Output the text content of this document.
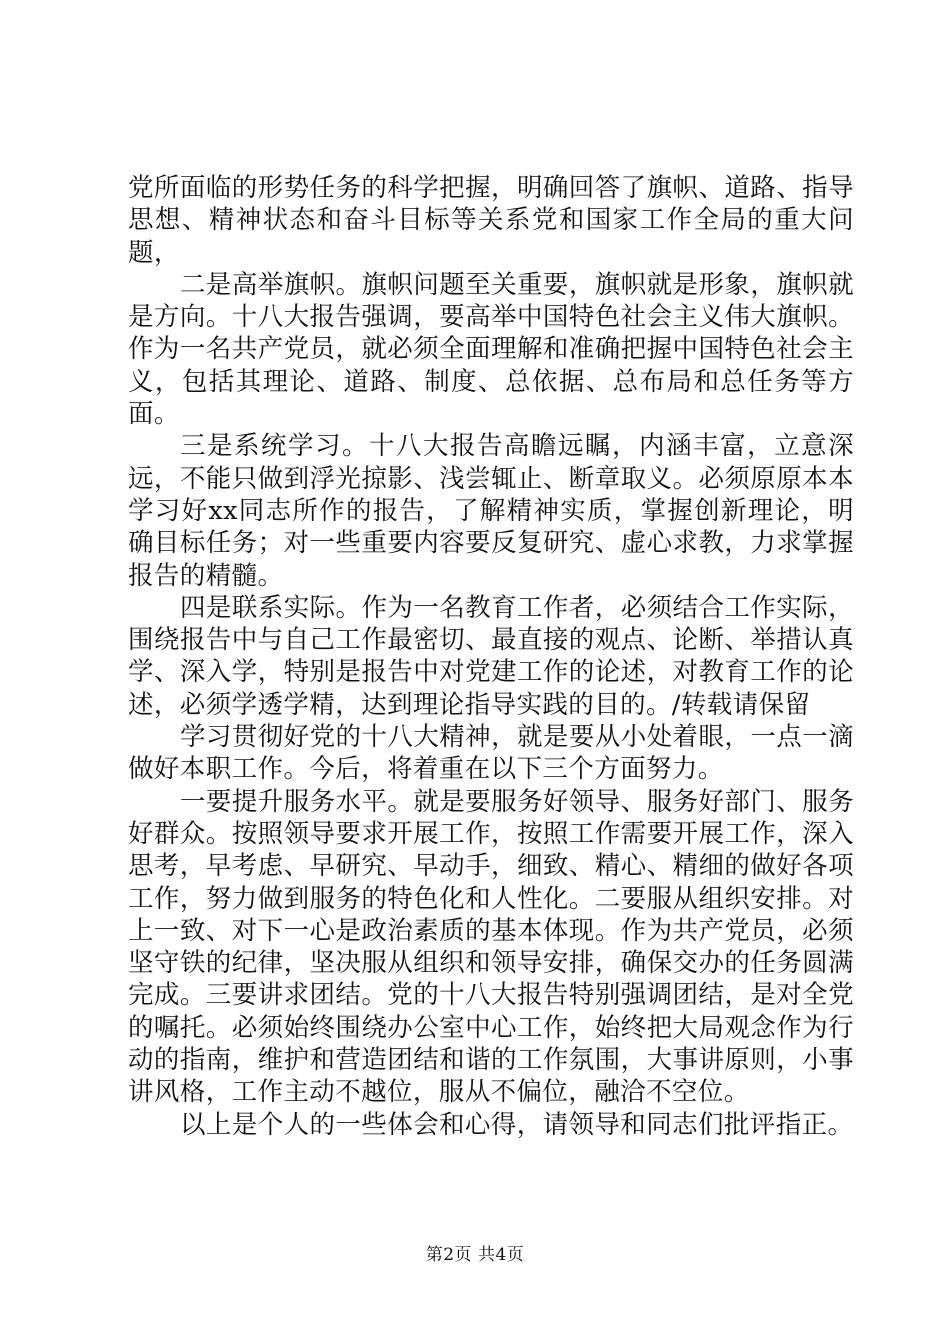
党所面临的形势任务的科学把握，明确回答了旗帜、道路、指导思想、精神状态和奋斗目标等关系党和国家工作全局的重大问题，

二是高举旗帜。旗帜问题至关重要，旗帜就是形象，旗帜就是方向。十八大报告强调，要高举中国特色社会主义伟大旗帜。作为一名共产党员，就必须全面理解和准确把握中国特色社会主义，包括其理论、道路、制度、总依据、总布局和总任务等方面。

三是系统学习。十八大报告高瞻远瞩，内涵丰富，立意深远，不能只做到浮光掠影、浅尝辄止、断章取义。必须原原本本学习好xx同志所作的报告，了解精神实质，掌握创新理论，明确目标任务；对一些重要内容要反复研究、虚心求教，力求掌握报告的精髓。

四是联系实际。作为一名教育工作者，必须结合工作实际，围绕报告中与自己工作最密切、最直接的观点、论断、举措认真学、深入学，特别是报告中对党建工作的论述，对教育工作的论述，必须学透学精，达到理论指导实践的目的。/转载请保留

学习贯彻好党的十八大精神，就是要从小处着眼，一点一滴做好本职工作。今后，将着重在以下三个方面努力。

一要提升服务水平。就是要服务好领导、服务好部门、服务好群众。按照领导要求开展工作，按照工作需要开展工作，深入思考，早考虑、早研究、早动手，细致、精心、精细的做好各项工作，努力做到服务的特色化和人性化。二要服从组织安排。对上一致、对下一心是政治素质的基本体现。作为共产党员，必须坚守铁的纪律，坚决服从组织和领导安排，确保交办的任务圆满完成。三要讲求团结。党的十八大报告特别强调团结，是对全党的嘱托。必须始终围绕办公室中心工作，始终把大局观念作为行动的指南，维护和营造团结和谐的工作氛围，大事讲原则，小事讲风格，工作主动不越位，服从不偏位，融洽不空位。

以上是个人的一些体会和心得，请领导和同志们批评指正。

第2页 共4页
